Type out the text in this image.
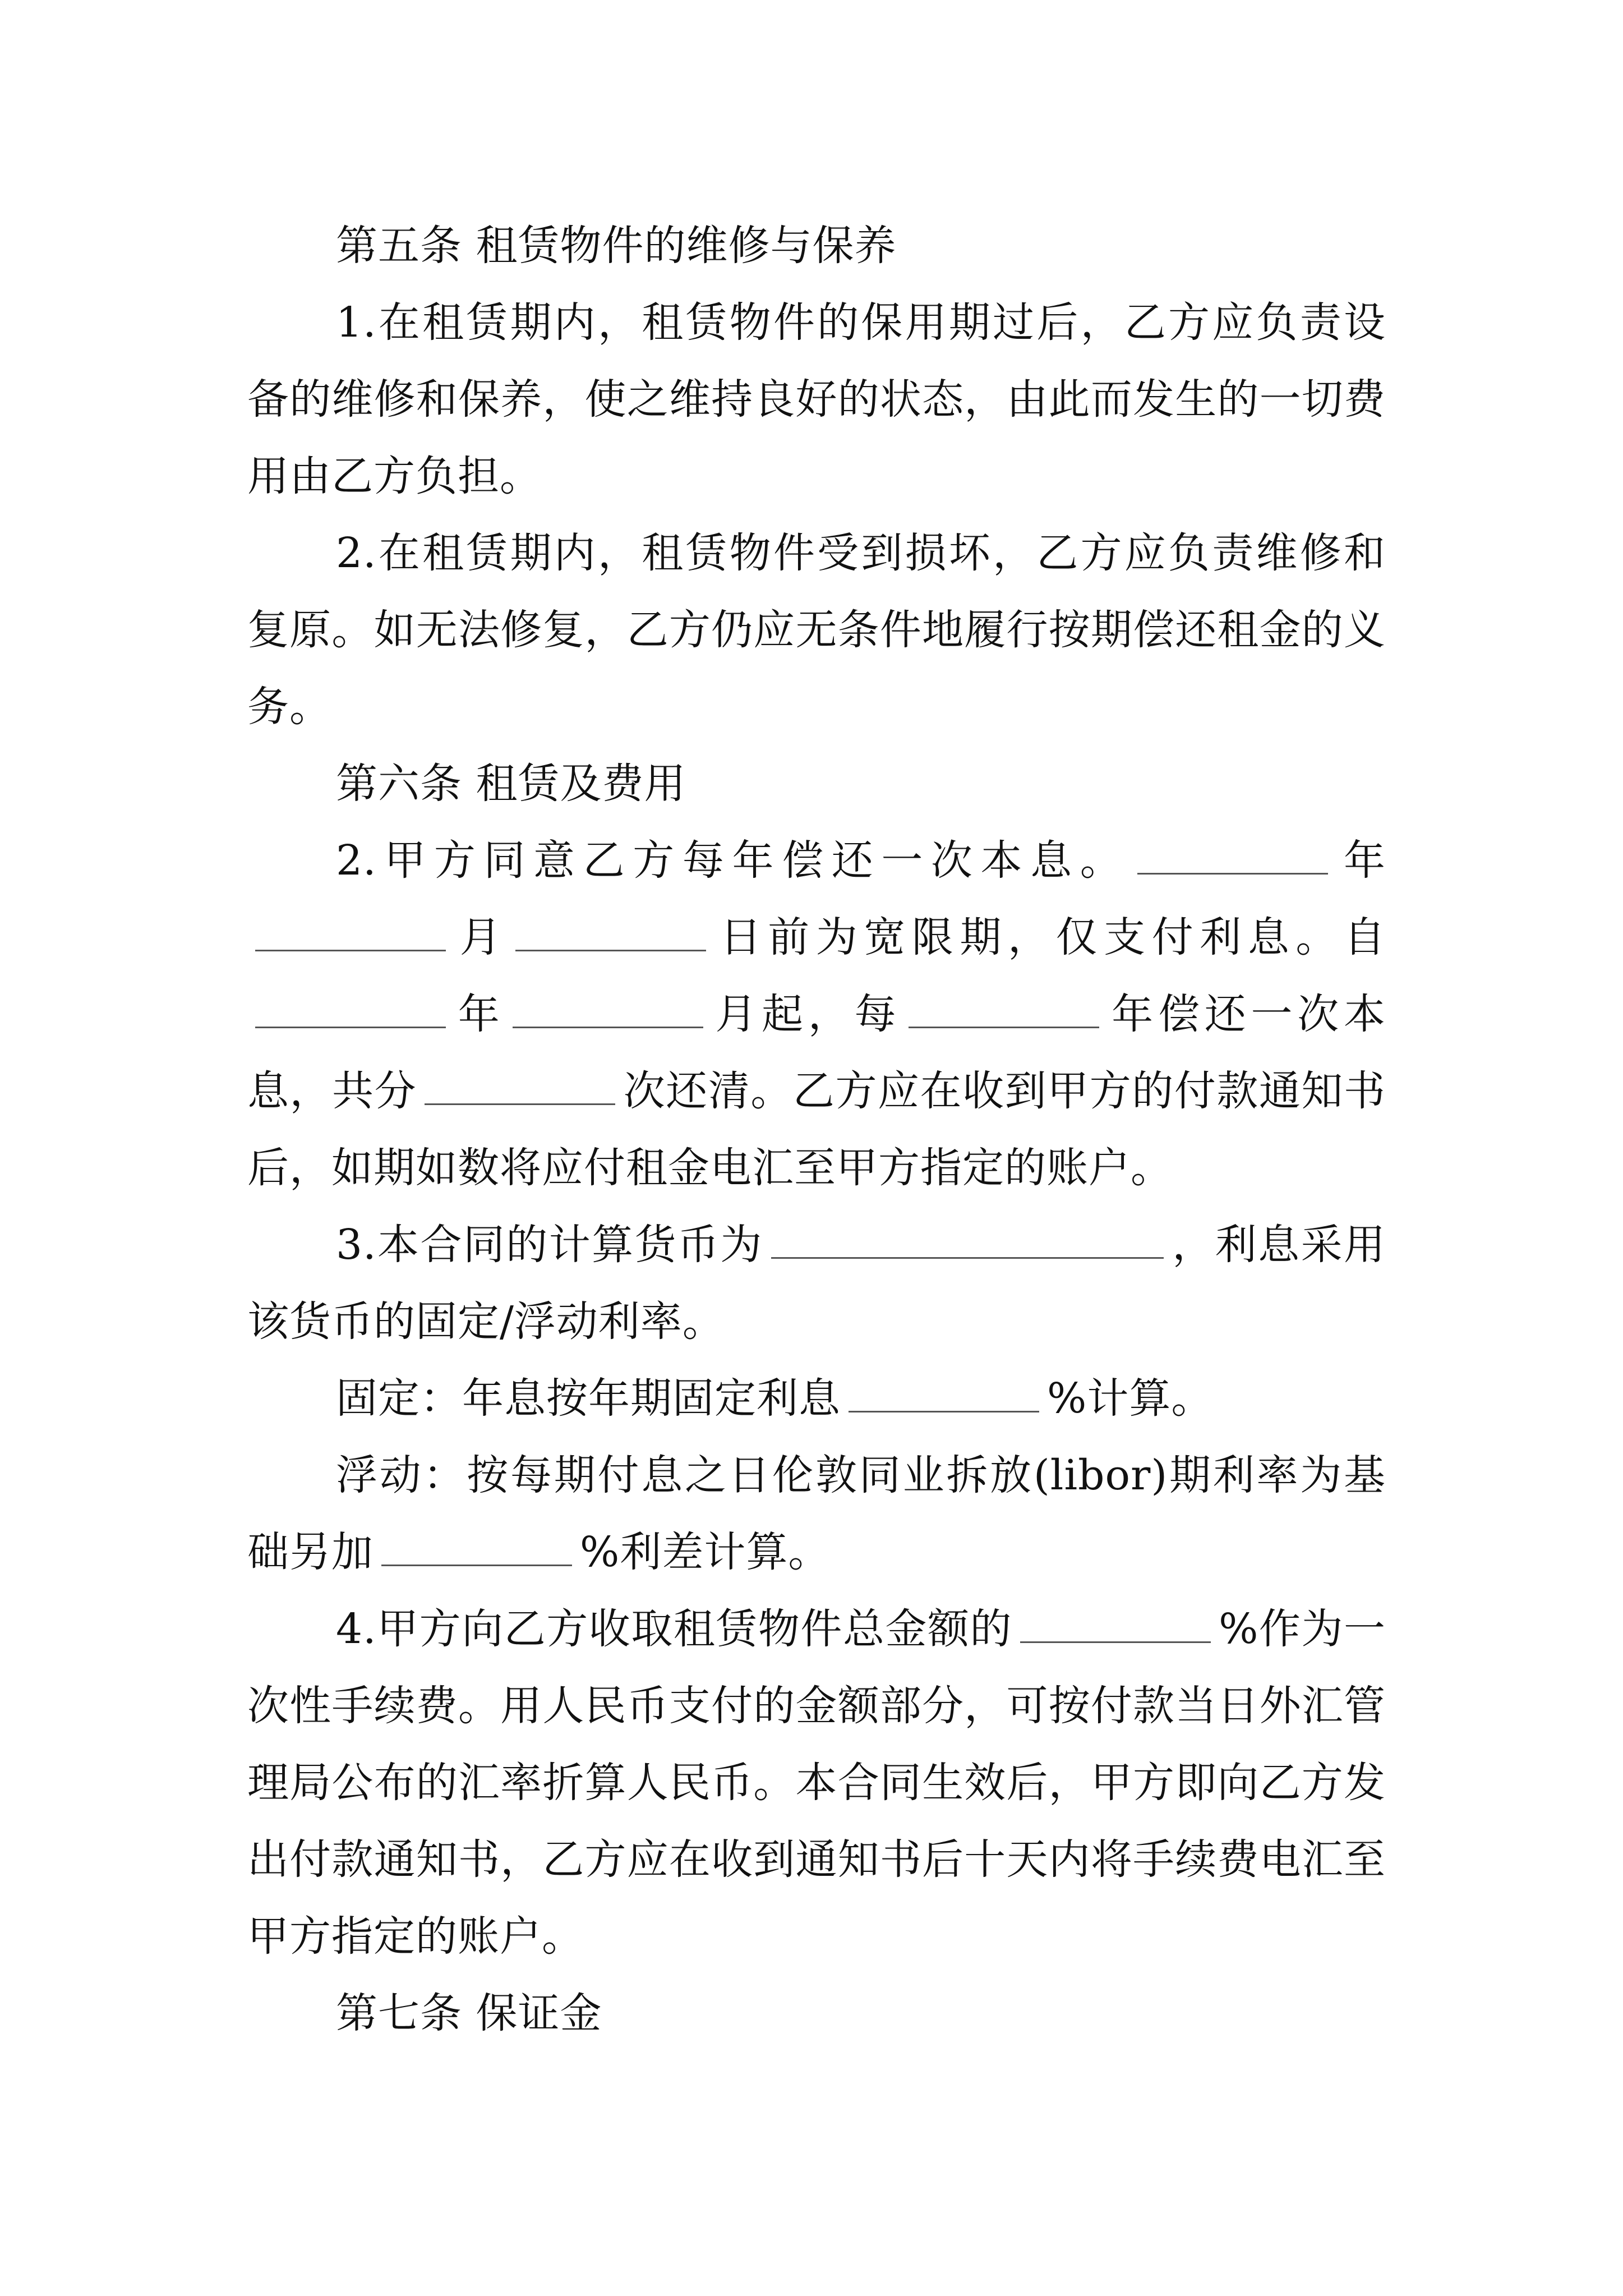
第五条 租赁物件的维修与保养

1.在租赁期内，租赁物件的保用期过后，乙方应负责设备的维修和保养，使之维持良好的状态，由此而发生的一切费用由乙方负担。

2.在租赁期内，租赁物件受到损坏，乙方应负责维修和复原。如无法修复，乙方仍应无条件地履行按期偿还租金的义务。

第六条 租赁及费用

2.甲方同意乙方每年偿还一次本息。	年月	日前为宽限期，仅支付利息。自年	月起，每	年偿还一次本息，共分	次还清。乙方应在收到甲方的付款通知书后，如期如数将应付租金电汇至甲方指定的账户。

3.本合同的计算货币为	，利息采用该货币的固定/浮动利率。

固定：年息按年期固定利息	%计算。

浮动：按每期付息之日伦敦同业拆放(libor)期利率为基础另加	%利差计算。

4.甲方向乙方收取租赁物件总金额的	%作为一次性手续费。用人民币支付的金额部分，可按付款当日外汇管理局公布的汇率折算人民币。本合同生效后，甲方即向乙方发出付款通知书，乙方应在收到通知书后十天内将手续费电汇至甲方指定的账户。

第七条 保证金
